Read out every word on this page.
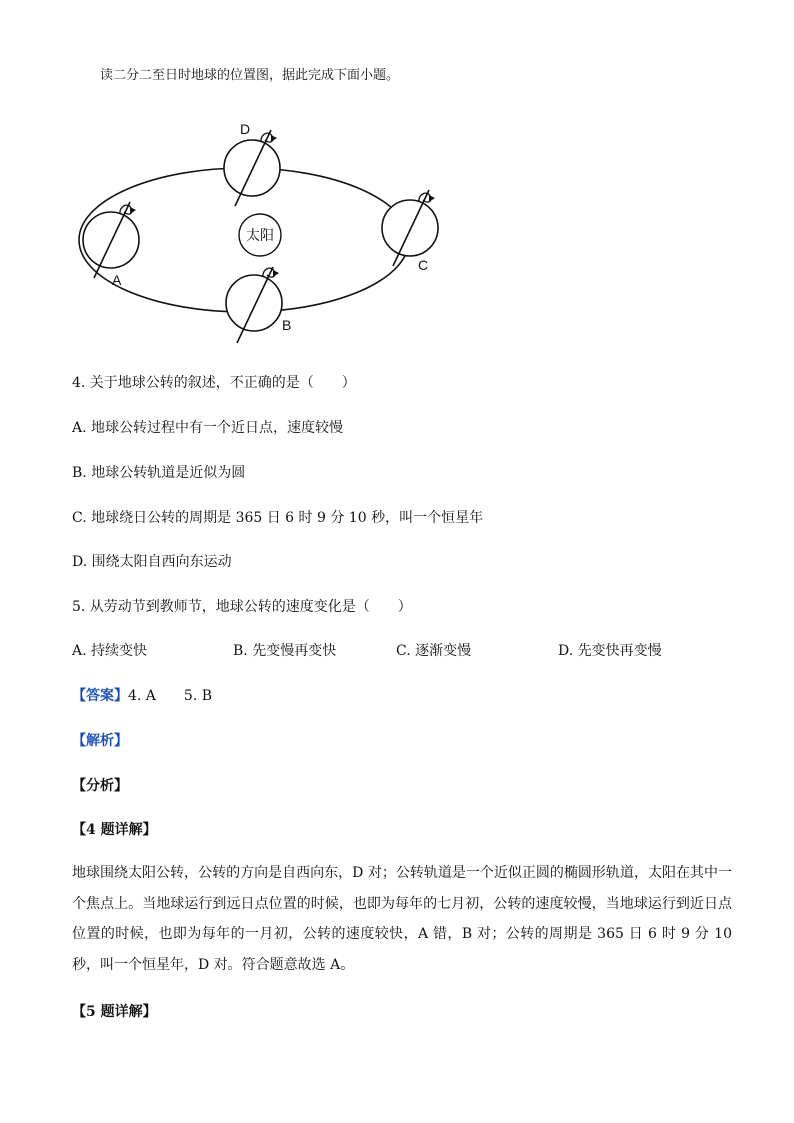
读二分二至日时地球的位置图，据此完成下面小题。
太阳
A
D
C
B
4. 关于地球公转的叙述，不正确的是（　　）
A. 地球公转过程中有一个近日点，速度较慢
B. 地球公转轨道是近似为圆
C. 地球绕日公转的周期是 365 日 6 时 9 分 10 秒，叫一个恒星年
D. 围绕太阳自西向东运动
5. 从劳动节到教师节，地球公转的速度变化是（　　）
A. 持续变快	B. 先变慢再变快	C. 逐渐变慢	D. 先变快再变慢
【答案】4. A　　5. B
【解析】
【分析】
【4 题详解】
地球围绕太阳公转，公转的方向是自西向东，D 对；公转轨道是一个近似正圆的椭圆形轨道，太阳在其中一个焦点上。当地球运行到远日点位置的时候，也即为每年的七月初，公转的速度较慢，当地球运行到近日点位置的时候，也即为每年的一月初，公转的速度较快，A 错，B 对；公转的周期是 365 日 6 时 9 分 10 秒，叫一个恒星年，D 对。符合题意故选 A。
【5 题详解】
